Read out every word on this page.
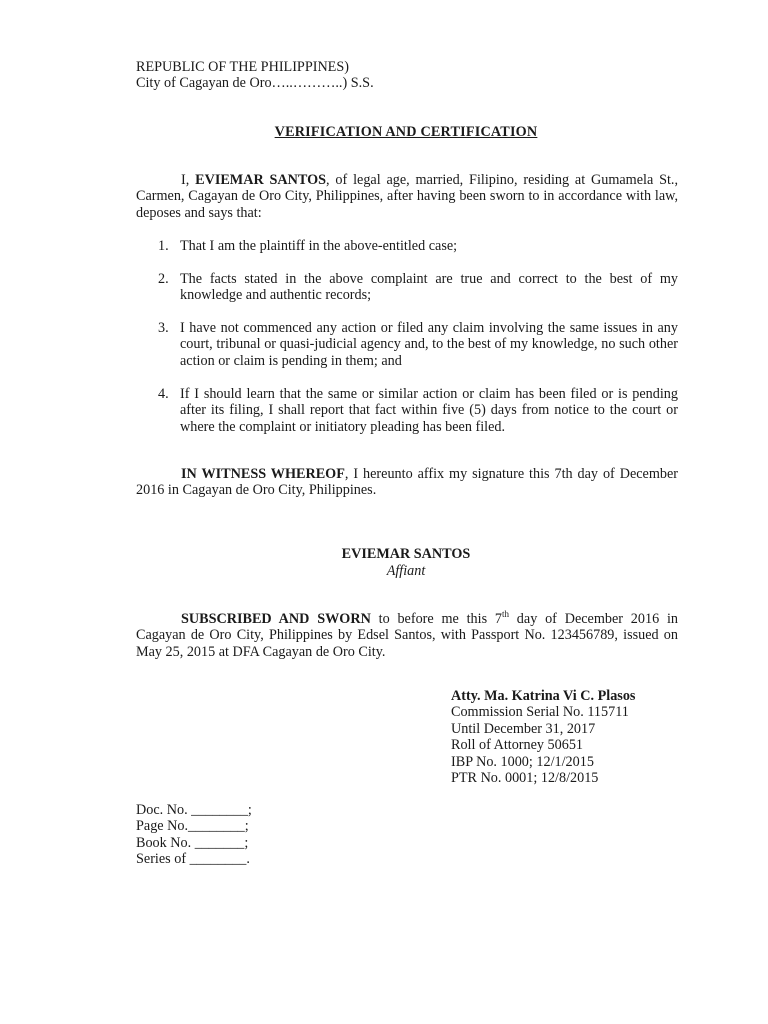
REPUBLIC OF THE PHILIPPINES)
City of Cagayan de Oro…..………..) S.S.
VERIFICATION AND CERTIFICATION
I, EVIEMAR SANTOS, of legal age, married, Filipino, residing at Gumamela St., Carmen, Cagayan de Oro City, Philippines, after having been sworn to in accordance with law, deposes and says that:
1. That I am the plaintiff in the above-entitled case;
2. The facts stated in the above complaint are true and correct to the best of my knowledge and authentic records;
3. I have not commenced any action or filed any claim involving the same issues in any court, tribunal or quasi-judicial agency and, to the best of my knowledge, no such other action or claim is pending in them; and
4. If I should learn that the same or similar action or claim has been filed or is pending after its filing, I shall report that fact within five (5) days from notice to the court or where the complaint or initiatory pleading has been filed.
IN WITNESS WHEREOF, I hereunto affix my signature this 7th day of December 2016 in Cagayan de Oro City, Philippines.
EVIEMAR SANTOS
Affiant
SUBSCRIBED AND SWORN to before me this 7th day of December 2016 in Cagayan de Oro City, Philippines by Edsel Santos, with Passport No. 123456789, issued on May 25, 2015 at DFA Cagayan de Oro City.
Atty. Ma. Katrina Vi C. Plasos
Commission Serial No. 115711
Until December 31, 2017
Roll of Attorney 50651
IBP No. 1000; 12/1/2015
PTR No. 0001; 12/8/2015
Doc. No. ________;
Page No.________;
Book No. _______;
Series of ________.
